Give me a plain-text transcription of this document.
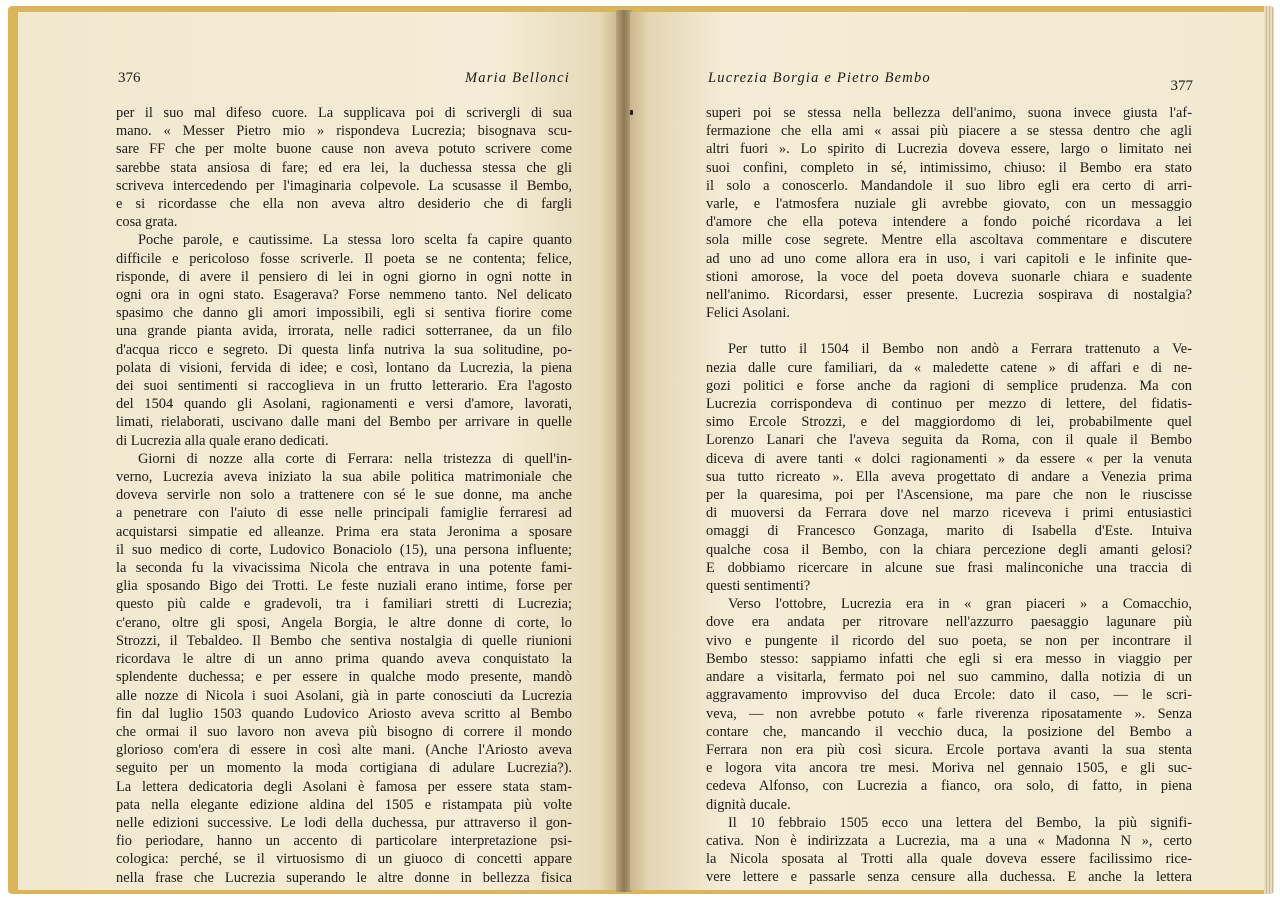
376	Maria Bellonci
per il suo mal difeso cuore. La supplicava poi di scrivergli di sua
mano. « Messer Pietro mio » rispondeva Lucrezia; bisognava scu-
sare FF che per molte buone cause non aveva potuto scrivere come
sarebbe stata ansiosa di fare; ed era lei, la duchessa stessa che gli
scriveva intercedendo per l'imaginaria colpevole. La scusasse il Bembo,
e si ricordasse che ella non aveva altro desiderio che di fargli
cosa grata.
Poche parole, e cautissime. La stessa loro scelta fa capire quanto
difficile e pericoloso fosse scriverle. Il poeta se ne contenta; felice,
risponde, di avere il pensiero di lei in ogni giorno in ogni notte in
ogni ora in ogni stato. Esagerava? Forse nemmeno tanto. Nel delicato
spasimo che danno gli amori impossibili, egli si sentiva fiorire come
una grande pianta avida, irrorata, nelle radici sotterranee, da un filo
d'acqua ricco e segreto. Di questa linfa nutriva la sua solitudine, po-
polata di visioni, fervida di idee; e così, lontano da Lucrezia, la piena
dei suoi sentimenti si raccoglieva in un frutto letterario. Era l'agosto
del 1504 quando gli Asolani, ragionamenti e versi d'amore, lavorati,
limati, rielaborati, uscivano dalle mani del Bembo per arrivare in quelle
di Lucrezia alla quale erano dedicati.
Giorni di nozze alla corte di Ferrara: nella tristezza di quell'in-
verno, Lucrezia aveva iniziato la sua abile politica matrimoniale che
doveva servirle non solo a trattenere con sé le sue donne, ma anche
a penetrare con l'aiuto di esse nelle principali famiglie ferraresi ad
acquistarsi simpatie ed alleanze. Prima era stata Jeronima a sposare
il suo medico di corte, Ludovico Bonaciolo (15), una persona influente;
la seconda fu la vivacissima Nicola che entrava in una potente fami-
glia sposando Bigo dei Trotti. Le feste nuziali erano intime, forse per
questo più calde e gradevoli, tra i familiari stretti di Lucrezia;
c'erano, oltre gli sposi, Angela Borgia, le altre donne di corte, lo
Strozzi, il Tebaldeo. Il Bembo che sentiva nostalgia di quelle riunioni
ricordava le altre di un anno prima quando aveva conquistato la
splendente duchessa; e per essere in qualche modo presente, mandò
alle nozze di Nicola i suoi Asolani, già in parte conosciuti da Lucrezia
fin dal luglio 1503 quando Ludovico Ariosto aveva scritto al Bembo
che ormai il suo lavoro non aveva più bisogno di correre il mondo
glorioso com'era di essere in così alte mani. (Anche l'Ariosto aveva
seguito per un momento la moda cortigiana di adulare Lucrezia?).
La lettera dedicatoria degli Asolani è famosa per essere stata stam-
pata nella elegante edizione aldina del 1505 e ristampata più volte
nelle edizioni successive. Le lodi della duchessa, pur attraverso il gon-
fio periodare, hanno un accento di particolare interpretazione psi-
cologica: perché, se il virtuosismo di un giuoco di concetti appare
nella frase che Lucrezia superando le altre donne in bellezza fisica
Lucrezia Borgia e Pietro Bembo	377
superi poi se stessa nella bellezza dell'animo, suona invece giusta l'af-
fermazione che ella ami « assai più piacere a se stessa dentro che agli
altri fuori ». Lo spirito di Lucrezia doveva essere, largo o limitato nei
suoi confini, completo in sé, intimissimo, chiuso: il Bembo era stato
il solo a conoscerlo. Mandandole il suo libro egli era certo di arri-
varle, e l'atmosfera nuziale gli avrebbe giovato, con un messaggio
d'amore che ella poteva intendere a fondo poiché ricordava a lei
sola mille cose segrete. Mentre ella ascoltava commentare e discutere
ad uno ad uno come allora era in uso, i vari capitoli e le infinite que-
stioni amorose, la voce del poeta doveva suonarle chiara e suadente
nell'animo. Ricordarsi, esser presente. Lucrezia sospirava di nostalgia?
Felici Asolani.
Per tutto il 1504 il Bembo non andò a Ferrara trattenuto a Ve-
nezia dalle cure familiari, da « maledette catene » di affari e di ne-
gozi politici e forse anche da ragioni di semplice prudenza. Ma con
Lucrezia corrispondeva di continuo per mezzo di lettere, del fidatis-
simo Ercole Strozzi, e del maggiordomo di lei, probabilmente quel
Lorenzo Lanari che l'aveva seguita da Roma, con il quale il Bembo
diceva di avere tanti « dolci ragionamenti » da essere « per la venuta
sua tutto ricreato ». Ella aveva progettato di andare a Venezia prima
per la quaresima, poi per l'Ascensione, ma pare che non le riuscisse
di muoversi da Ferrara dove nel marzo riceveva i primi entusiastici
omaggi di Francesco Gonzaga, marito di Isabella d'Este. Intuiva
qualche cosa il Bembo, con la chiara percezione degli amanti gelosi?
E dobbiamo ricercare in alcune sue frasi malinconiche una traccia di
questi sentimenti?
Verso l'ottobre, Lucrezia era in « gran piaceri » a Comacchio,
dove era andata per ritrovare nell'azzurro paesaggio lagunare più
vivo e pungente il ricordo del suo poeta, se non per incontrare il
Bembo stesso: sappiamo infatti che egli si era messo in viaggio per
andare a visitarla, fermato poi nel suo cammino, dalla notizia di un
aggravamento improvviso del duca Ercole: dato il caso, — le scri-
veva, — non avrebbe potuto « farle riverenza riposatamente ». Senza
contare che, mancando il vecchio duca, la posizione del Bembo a
Ferrara non era più così sicura. Ercole portava avanti la sua stenta
e logora vita ancora tre mesi. Moriva nel gennaio 1505, e gli suc-
cedeva Alfonso, con Lucrezia a fianco, ora solo, di fatto, in piena
dignità ducale.
Il 10 febbraio 1505 ecco una lettera del Bembo, la più signifi-
cativa. Non è indirizzata a Lucrezia, ma a una « Madonna N », certo
la Nicola sposata al Trotti alla quale doveva essere facilissimo rice-
vere lettere e passarle senza censure alla duchessa. E anche la lettera
